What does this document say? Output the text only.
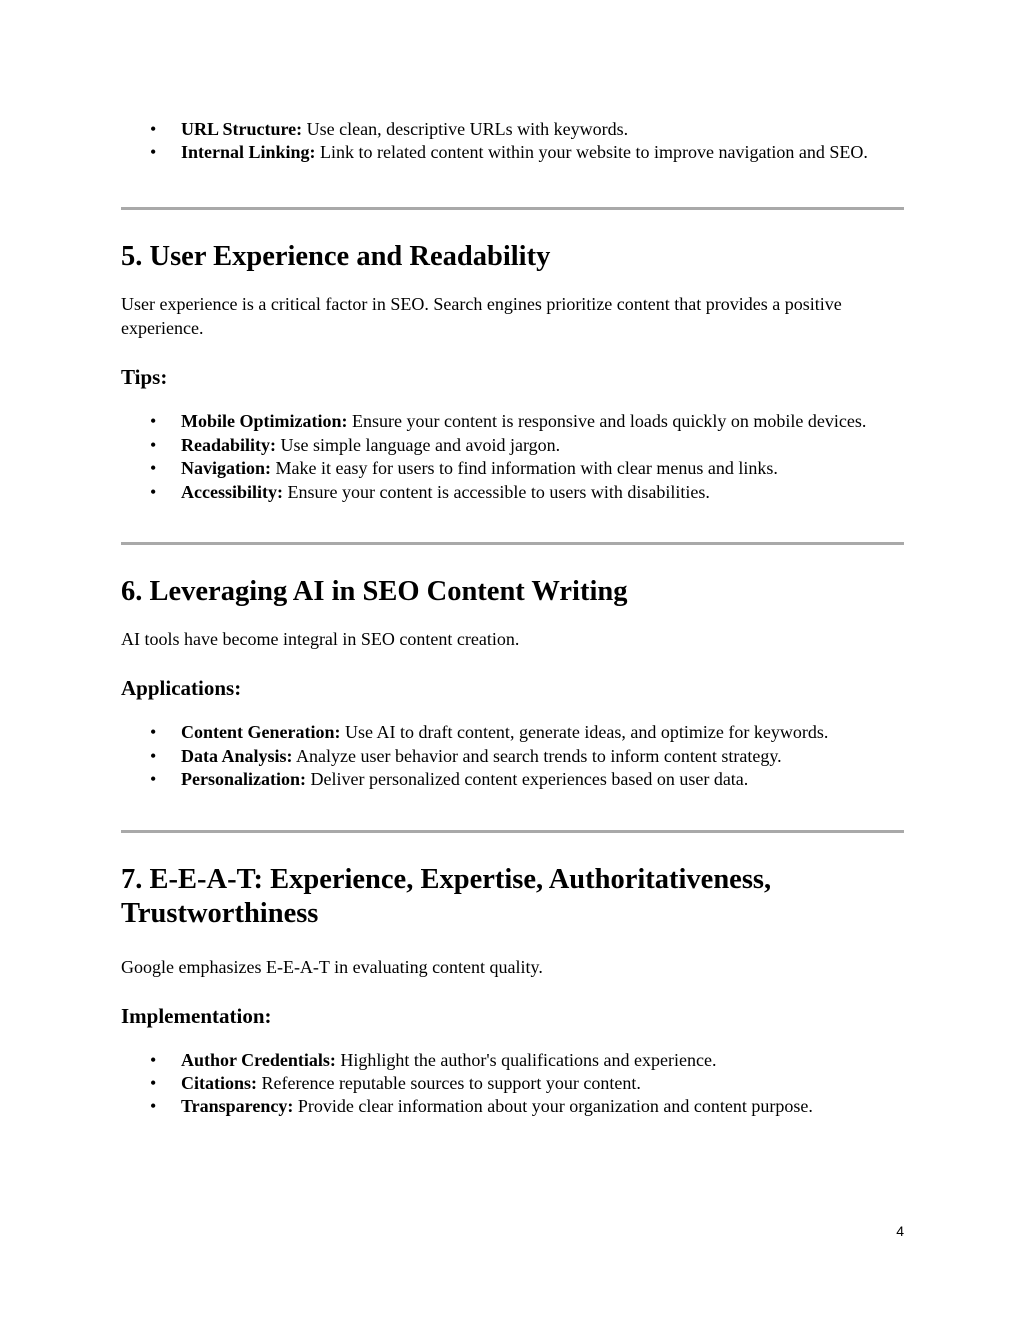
• URL Structure: Use clean, descriptive URLs with keywords.
• Internal Linking: Link to related content within your website to improve navigation and SEO.
5. User Experience and Readability

User experience is a critical factor in SEO. Search engines prioritize content that provides a positive experience.

Tips:
• Mobile Optimization: Ensure your content is responsive and loads quickly on mobile devices.
• Readability: Use simple language and avoid jargon.
• Navigation: Make it easy for users to find information with clear menus and links.
• Accessibility: Ensure your content is accessible to users with disabilities.
6. Leveraging AI in SEO Content Writing

AI tools have become integral in SEO content creation.

Applications:
• Content Generation: Use AI to draft content, generate ideas, and optimize for keywords.
• Data Analysis: Analyze user behavior and search trends to inform content strategy.
• Personalization: Deliver personalized content experiences based on user data.
7. E-E-A-T: Experience, Expertise, Authoritativeness, Trustworthiness

Google emphasizes E-E-A-T in evaluating content quality.

Implementation:
• Author Credentials: Highlight the author's qualifications and experience.
• Citations: Reference reputable sources to support your content.
• Transparency: Provide clear information about your organization and content purpose.
4
